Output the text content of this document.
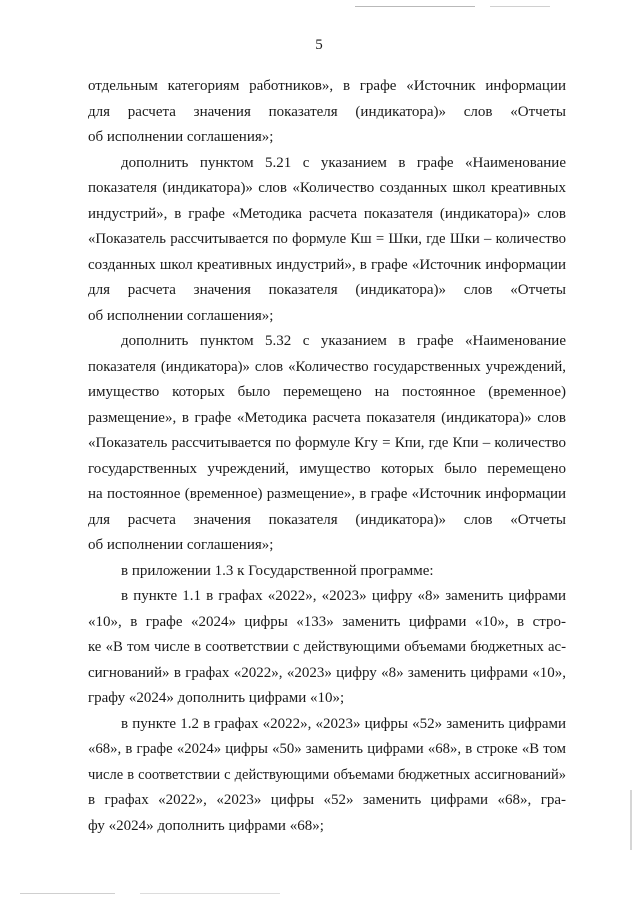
5
отдельным категориям работников», в графе «Источник информации
для расчета значения показателя (индикатора)» слов «Отчеты
об исполнении соглашения»;
дополнить пунктом 5.21 с указанием в графе «Наименование
показателя (индикатора)» слов «Количество созданных школ креативных
индустрий», в графе «Методика расчета показателя (индикатора)» слов
«Показатель рассчитывается по формуле Кш = Шки, где Шки – количество
созданных школ креативных индустрий», в графе «Источник информации
для расчета значения показателя (индикатора)» слов «Отчеты
об исполнении соглашения»;
дополнить пунктом 5.32 с указанием в графе «Наименование
показателя (индикатора)» слов «Количество государственных учреждений,
имущество которых было перемещено на постоянное (временное)
размещение», в графе «Методика расчета показателя (индикатора)» слов
«Показатель рассчитывается по формуле Кгу = Кпи, где Кпи – количество
государственных учреждений, имущество которых было перемещено
на постоянное (временное) размещение», в графе «Источник информации
для расчета значения показателя (индикатора)» слов «Отчеты
об исполнении соглашения»;
в приложении 1.3 к Государственной программе:
в пункте 1.1 в графах «2022», «2023» цифру «8» заменить цифрами
«10», в графе «2024» цифры «133» заменить цифрами «10», в стро-
ке «В том числе в соответствии с действующими объемами бюджетных ас-
сигнований» в графах «2022», «2023» цифру «8» заменить цифрами «10»,
графу «2024» дополнить цифрами «10»;
в пункте 1.2 в графах «2022», «2023» цифры «52» заменить цифрами
«68», в графе «2024» цифры «50» заменить цифрами «68», в строке «В том
числе в соответствии с действующими объемами бюджетных ассигнований»
в графах «2022», «2023» цифры «52» заменить цифрами «68», гра-
фу «2024» дополнить цифрами «68»;
